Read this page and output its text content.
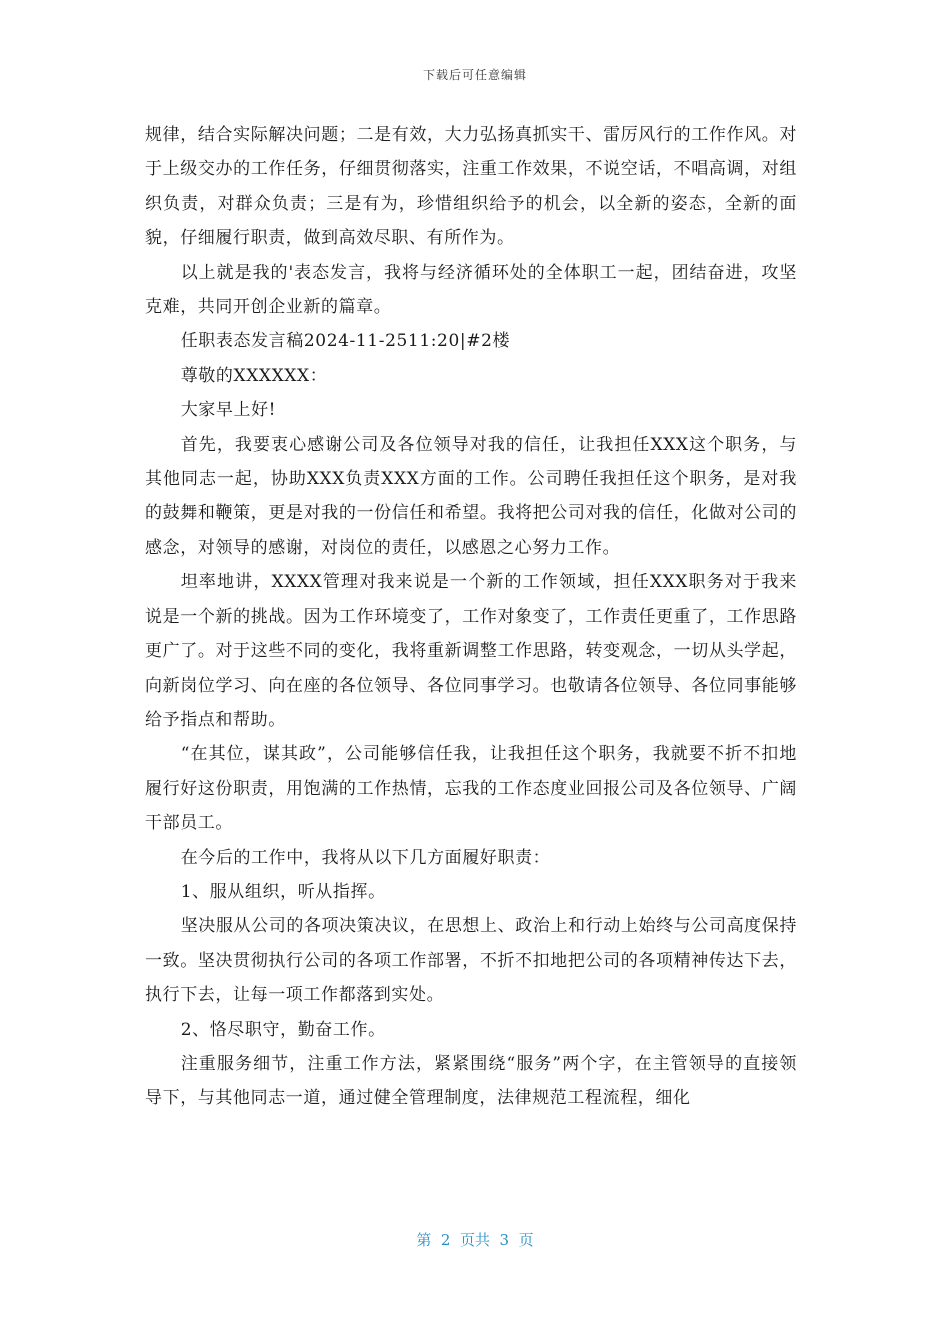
下载后可任意编辑

规律，结合实际解决问题；二是有效，大力弘扬真抓实干、雷厉风行的工作作风。对于上级交办的工作任务，仔细贯彻落实，注重工作效果，不说空话，不唱高调，对组织负责，对群众负责；三是有为，珍惜组织给予的机会，以全新的姿态，全新的面貌，仔细履行职责，做到高效尽职、有所作为。

以上就是我的'表态发言，我将与经济循环处的全体职工一起，团结奋进，攻坚克难，共同开创企业新的篇章。

任职表态发言稿2024-11-2511:20|#2楼

尊敬的XXXXXX：

大家早上好!

首先，我要衷心感谢公司及各位领导对我的信任，让我担任XXX这个职务，与其他同志一起，协助XXX负责XXX方面的工作。公司聘任我担任这个职务，是对我的鼓舞和鞭策，更是对我的一份信任和希望。我将把公司对我的信任，化做对公司的感念，对领导的感谢，对岗位的责任，以感恩之心努力工作。

坦率地讲，XXXX管理对我来说是一个新的工作领域，担任XXX职务对于我来说是一个新的挑战。因为工作环境变了，工作对象变了，工作责任更重了，工作思路更广了。对于这些不同的变化，我将重新调整工作思路，转变观念，一切从头学起，向新岗位学习、向在座的各位领导、各位同事学习。也敬请各位领导、各位同事能够给予指点和帮助。

“在其位，谋其政”，公司能够信任我，让我担任这个职务，我就要不折不扣地履行好这份职责，用饱满的工作热情，忘我的工作态度业回报公司及各位领导、广阔干部员工。

在今后的工作中，我将从以下几方面履好职责：

1、服从组织，听从指挥。

坚决服从公司的各项决策决议，在思想上、政治上和行动上始终与公司高度保持一致。坚决贯彻执行公司的各项工作部署，不折不扣地把公司的各项精神传达下去，执行下去，让每一项工作都落到实处。

2、恪尽职守，勤奋工作。

注重服务细节，注重工作方法，紧紧围绕“服务”两个字，在主管领导的直接领导下，与其他同志一道，通过健全管理制度，法律规范工程流程，细化

第  2  页共  3  页
